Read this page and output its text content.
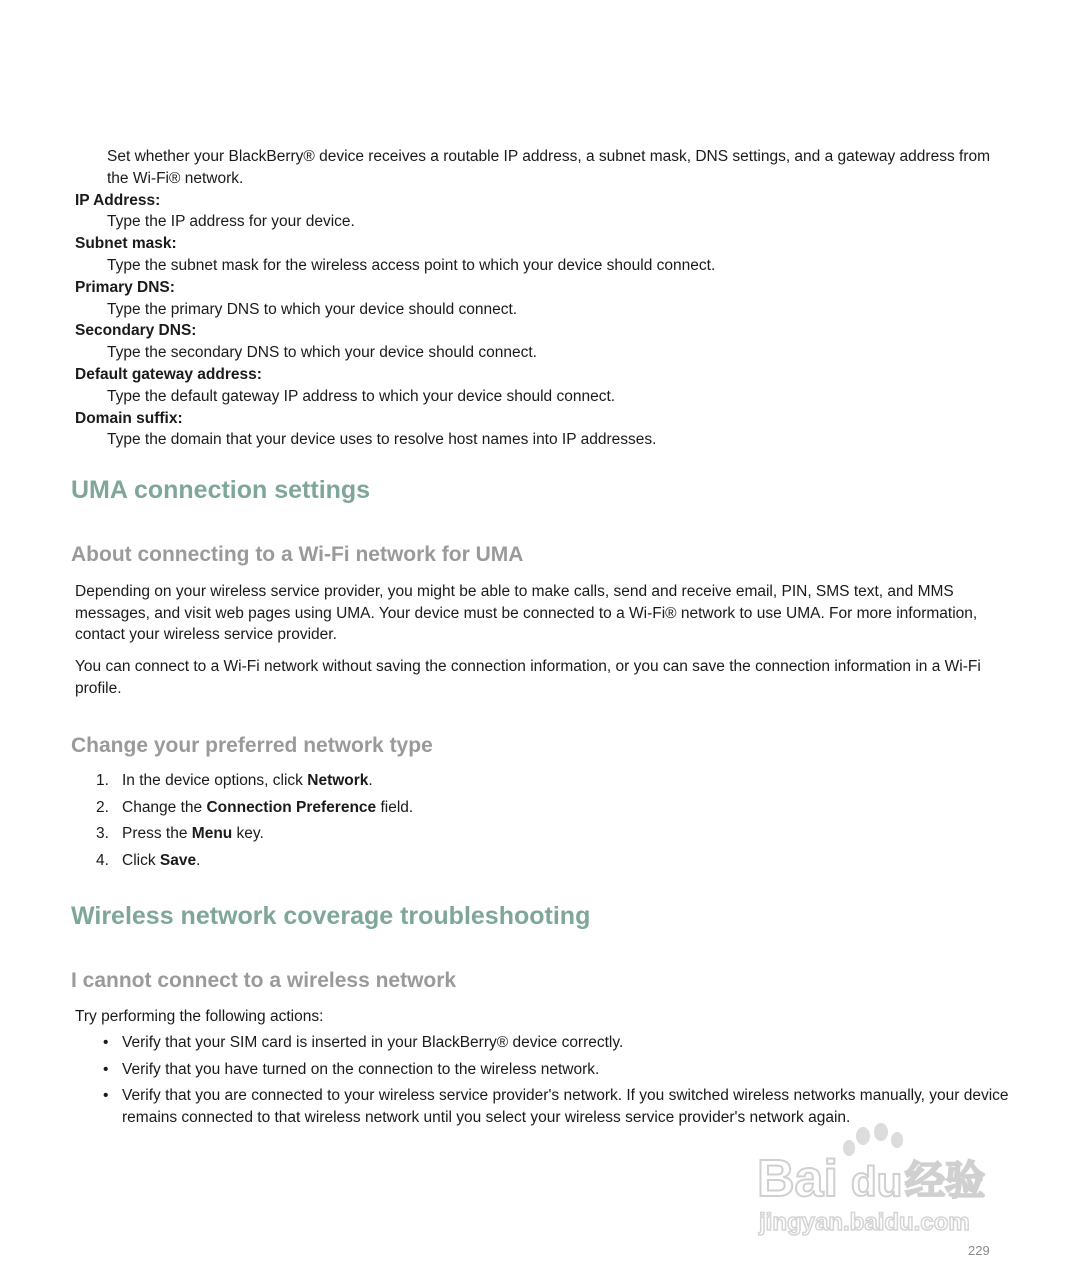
Set whether your BlackBerry® device receives a routable IP address, a subnet mask, DNS settings, and a gateway address from the Wi-Fi® network.

IP Address:

Type the IP address for your device.

Subnet mask:

Type the subnet mask for the wireless access point to which your device should connect.

Primary DNS:

Type the primary DNS to which your device should connect.

Secondary DNS:

Type the secondary DNS to which your device should connect.

Default gateway address:

Type the default gateway IP address to which your device should connect.

Domain suffix:

Type the domain that your device uses to resolve host names into IP addresses.

UMA connection settings
About connecting to a Wi-Fi network for UMA

Depending on your wireless service provider, you might be able to make calls, send and receive email, PIN, SMS text, and MMS messages, and visit web pages using UMA. Your device must be connected to a Wi-Fi® network to use UMA. For more information, contact your wireless service provider.

You can connect to a Wi-Fi network without saving the connection information, or you can save the connection information in a Wi-Fi profile.

Change your preferred network type
1. In the device options, click Network.
2. Change the Connection Preference field.
3. Press the Menu key.
4. Click Save.
Wireless network coverage troubleshooting
I cannot connect to a wireless network

Try performing the following actions:

• Verify that your SIM card is inserted in your BlackBerry® device correctly.
• Verify that you have turned on the connection to the wireless network.
• Verify that you are connected to your wireless service provider's network. If you switched wireless networks manually, your device remains connected to that wireless network until you select your wireless service provider's network again.
Bai du 经验
jingyan.baidu.com
229
